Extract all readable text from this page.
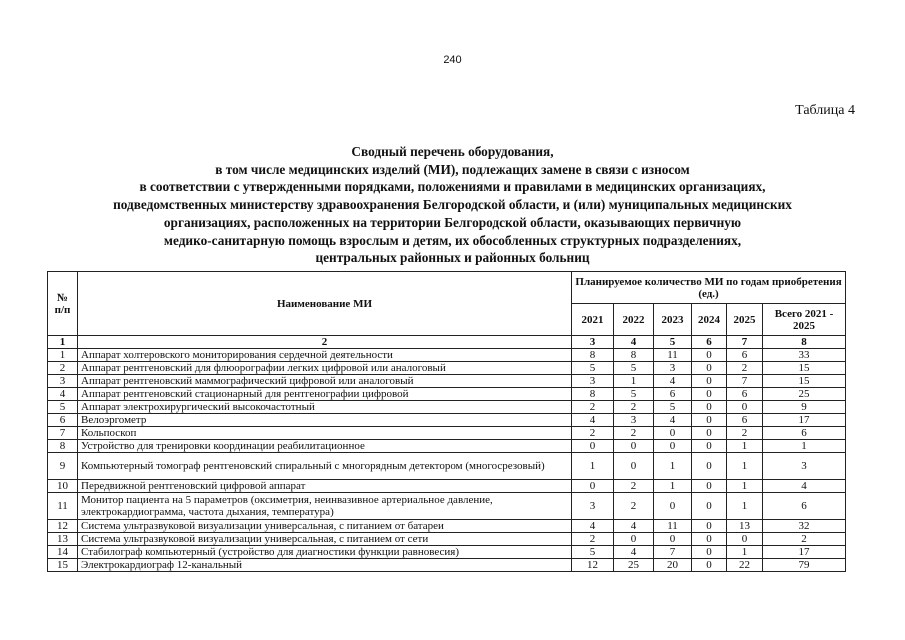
240
Таблица 4
Сводный перечень оборудования,
в том числе медицинских изделий (МИ), подлежащих замене в связи с износом
в соответствии с утвержденными порядками, положениями и правилами в медицинских организациях,
подведомственных министерству здравоохранения Белгородской области, и (или) муниципальных медицинских
организациях, расположенных на территории Белгородской области, оказывающих первичную
медико-санитарную помощь взрослым и детям, их обособленных структурных подразделениях,
центральных районных и районных больниц
№ п/п	Наименование МИ	Планируемое количество МИ по годам приобретения (ед.)					
		2021	2022	2023	2024	2025	Всего 2021 - 2025
1	2	3	4	5	6	7	8
1	Аппарат холтеровского мониторирования сердечной деятельности	8	8	11	0	6	33
2	Аппарат рентгеновский для флюорографии легких цифровой или аналоговый	5	5	3	0	2	15
3	Аппарат рентгеновский маммографический цифровой или аналоговый	3	1	4	0	7	15
4	Аппарат рентгеновский стационарный для рентгенографии цифровой	8	5	6	0	6	25
5	Аппарат электрохирургический высокочастотный	2	2	5	0	0	9
6	Велоэргометр	4	3	4	0	6	17
7	Кольпоскоп	2	2	0	0	2	6
8	Устройство для тренировки координации реабилитационное	0	0	0	0	1	1
9	Компьютерный томограф рентгеновский спиральный с многорядным детектором (многосрезовый)	1	0	1	0	1	3
10	Передвижной рентгеновский цифровой аппарат	0	2	1	0	1	4
11	Монитор пациента на 5 параметров (оксиметрия, неинвазивное артериальное давление, электрокардиограмма, частота дыхания, температура)	3	2	0	0	1	6
12	Система ультразвуковой визуализации универсальная, с питанием от батареи	4	4	11	0	13	32
13	Система ультразвуковой визуализации универсальная, с питанием от сети	2	0	0	0	0	2
14	Стабилограф компьютерный (устройство для диагностики функции равновесия)	5	4	7	0	1	17
15	Электрокардиограф 12-канальный	12	25	20	0	22	79
